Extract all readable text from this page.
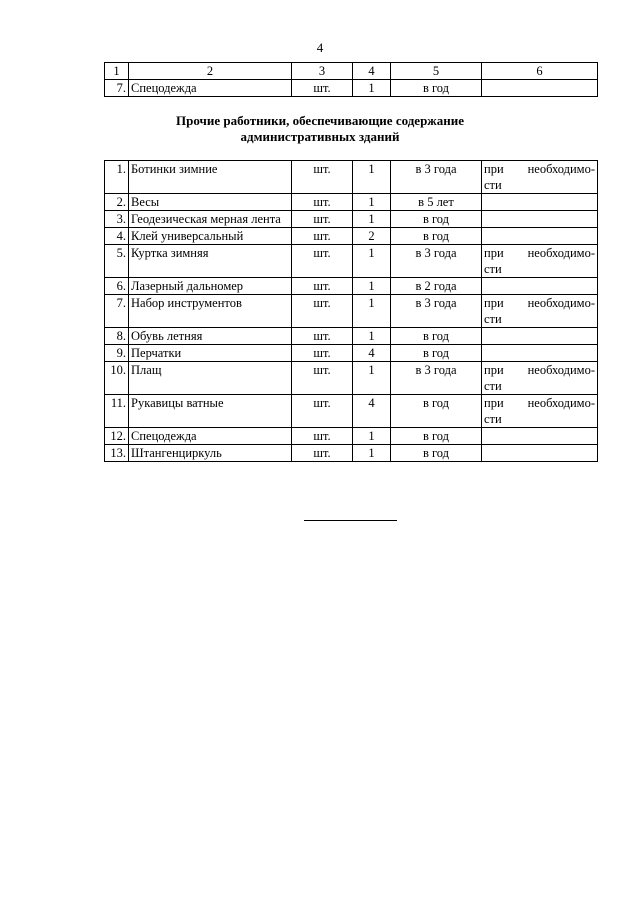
4
1	2	3	4	5	6
7.	Спецодежда	шт.	1	в год	
Прочие работники, обеспечивающие содержание
административных зданий
1.	Ботинки зимние	шт.	1	в 3 года	при необходимо-
сти

2.	Весы	шт.	1	в 5 лет	
3.	Геодезическая мерная лента	шт.	1	в год	
4.	Клей универсальный	шт.	2	в год	
5.	Куртка зимняя	шт.	1	в 3 года	при необходимо-
сти

6.	Лазерный дальномер	шт.	1	в 2 года	
7.	Набор инструментов	шт.	1	в 3 года	при необходимо-
сти

8.	Обувь летняя	шт.	1	в год	
9.	Перчатки	шт.	4	в год	
10.	Плащ	шт.	1	в 3 года	при необходимо-
сти

11.	Рукавицы ватные	шт.	4	в год	при необходимо-
сти

12.	Спецодежда	шт.	1	в год	
13.	Штангенциркуль	шт.	1	в год	
